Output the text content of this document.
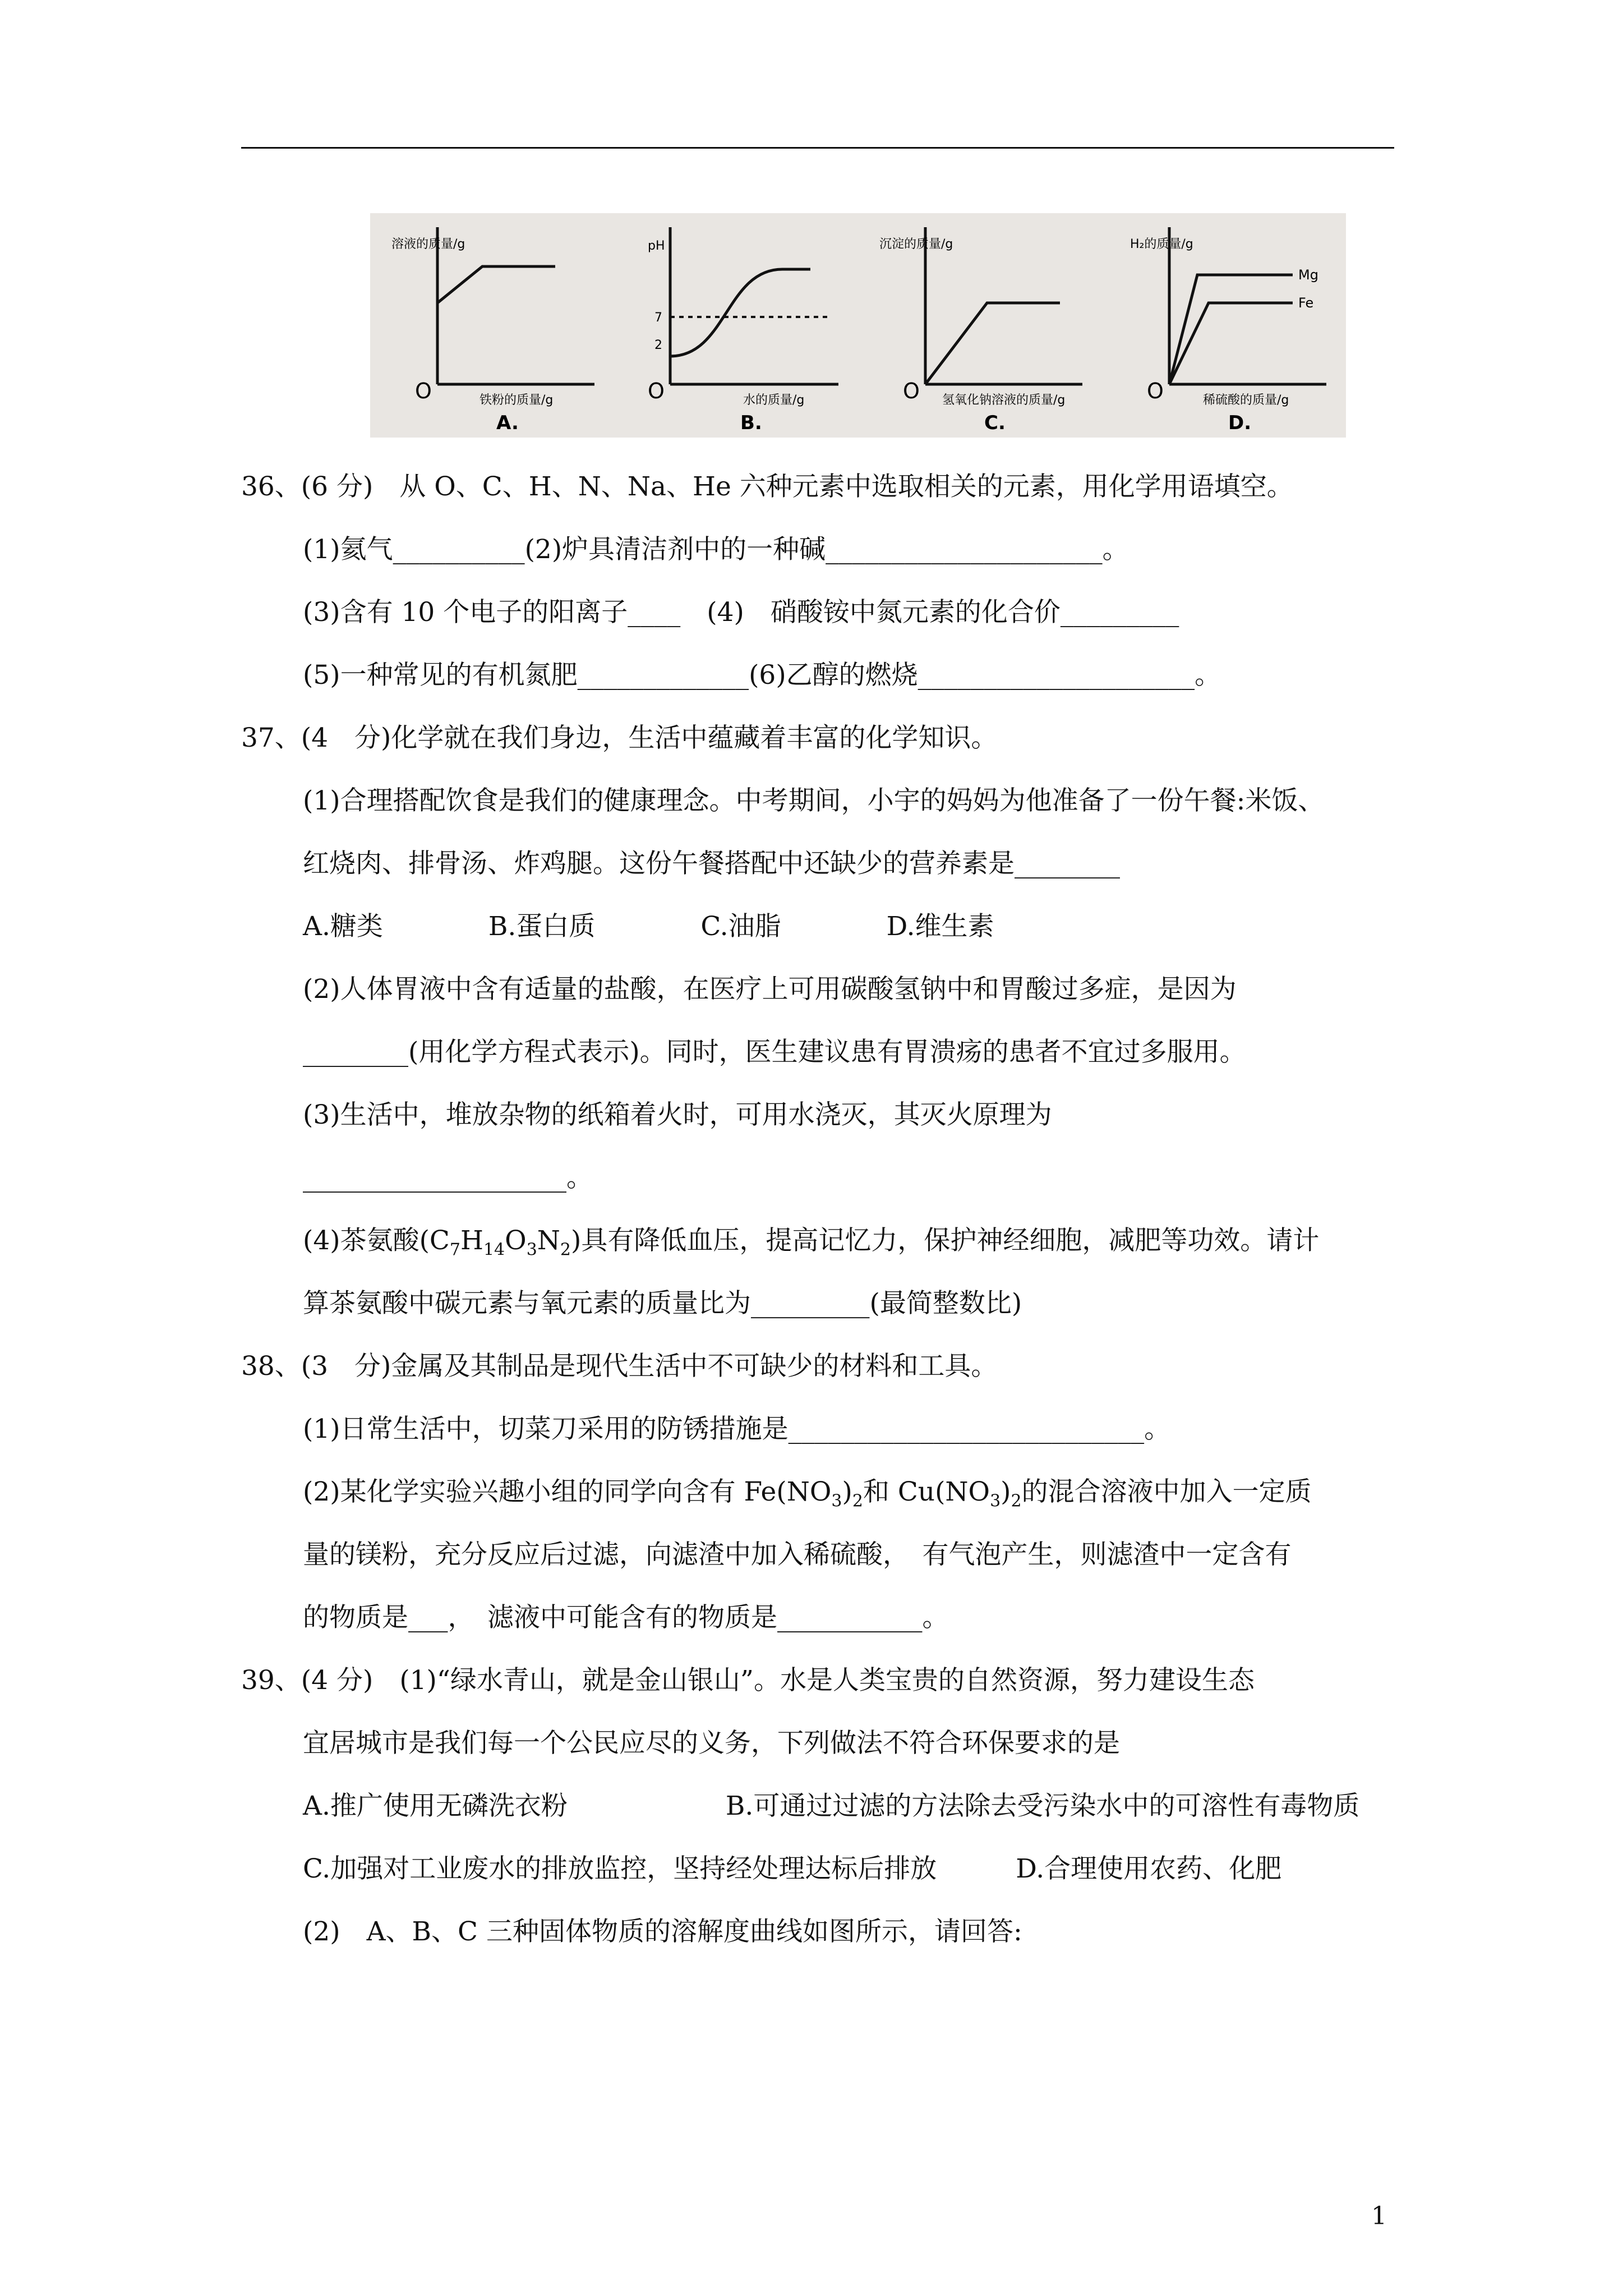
溶液的质量/g
O	铁粉的质量/g
A.
pH
7
2
O	水的质量/g
B.
沉淀的质量/g
O 氢氧化钠溶液的质量/g
C.
H₂的质量/g
Mg
Fe
O	稀硫酸的质量/g
D.
36、(6 分)　从 O、C、H、N、Na、He 六种元素中选取相关的元素，用化学用语填空。
(1)氦气__________(2)炉具清洁剂中的一种碱_____________________。
(3)含有 10 个电子的阳离子____　(4)　硝酸铵中氮元素的化合价_________
(5)一种常见的有机氮肥_____________(6)乙醇的燃烧_____________________。
37、(4　分)化学就在我们身边，生活中蕴藏着丰富的化学知识。
(1)合理搭配饮食是我们的健康理念。中考期间，小宇的妈妈为他准备了一份午餐:米饭、
红烧肉、排骨汤、炸鸡腿。这份午餐搭配中还缺少的营养素是________
A.糖类　　　　B.蛋白质　　　　C.油脂　　　　D.维生素
(2)人体胃液中含有适量的盐酸，在医疗上可用碳酸氢钠中和胃酸过多症，是因为
________(用化学方程式表示)。同时，医生建议患有胃溃疡的患者不宜过多服用。
(3)生活中，堆放杂物的纸箱着火时，可用水浇灭，其灭火原理为
____________________。
(4)茶氨酸$(C_7H_{14}O_3N_2)$具有降低血压，提高记忆力，保护神经细胞，减肥等功效。请计
算茶氨酸中碳元素与氧元素的质量比为_________(最简整数比)
38、(3　分)金属及其制品是现代生活中不可缺少的材料和工具。
(1)日常生活中，切菜刀采用的防锈措施是___________________________。
(2)某化学实验兴趣小组的同学向含有 $Fe(NO_3)_2$和 $Cu(NO_3)_2$的混合溶液中加入一定质
量的镁粉，充分反应后过滤，向滤渣中加入稀硫酸，　有气泡产生，则滤渣中一定含有
的物质是___，　滤液中可能含有的物质是___________。
39、(4 分)　(1)“绿水青山，就是金山银山”。水是人类宝贵的自然资源，努力建设生态
宜居城市是我们每一个公民应尽的义务，下列做法不符合环保要求的是
A.推广使用无磷洗衣粉　　　　　　B.可通过过滤的方法除去受污染水中的可溶性有毒物质
C.加强对工业废水的排放监控，坚持经处理达标后排放　　　D.合理使用农药、化肥
(2)　A、B、C 三种固体物质的溶解度曲线如图所示，请回答:
1
